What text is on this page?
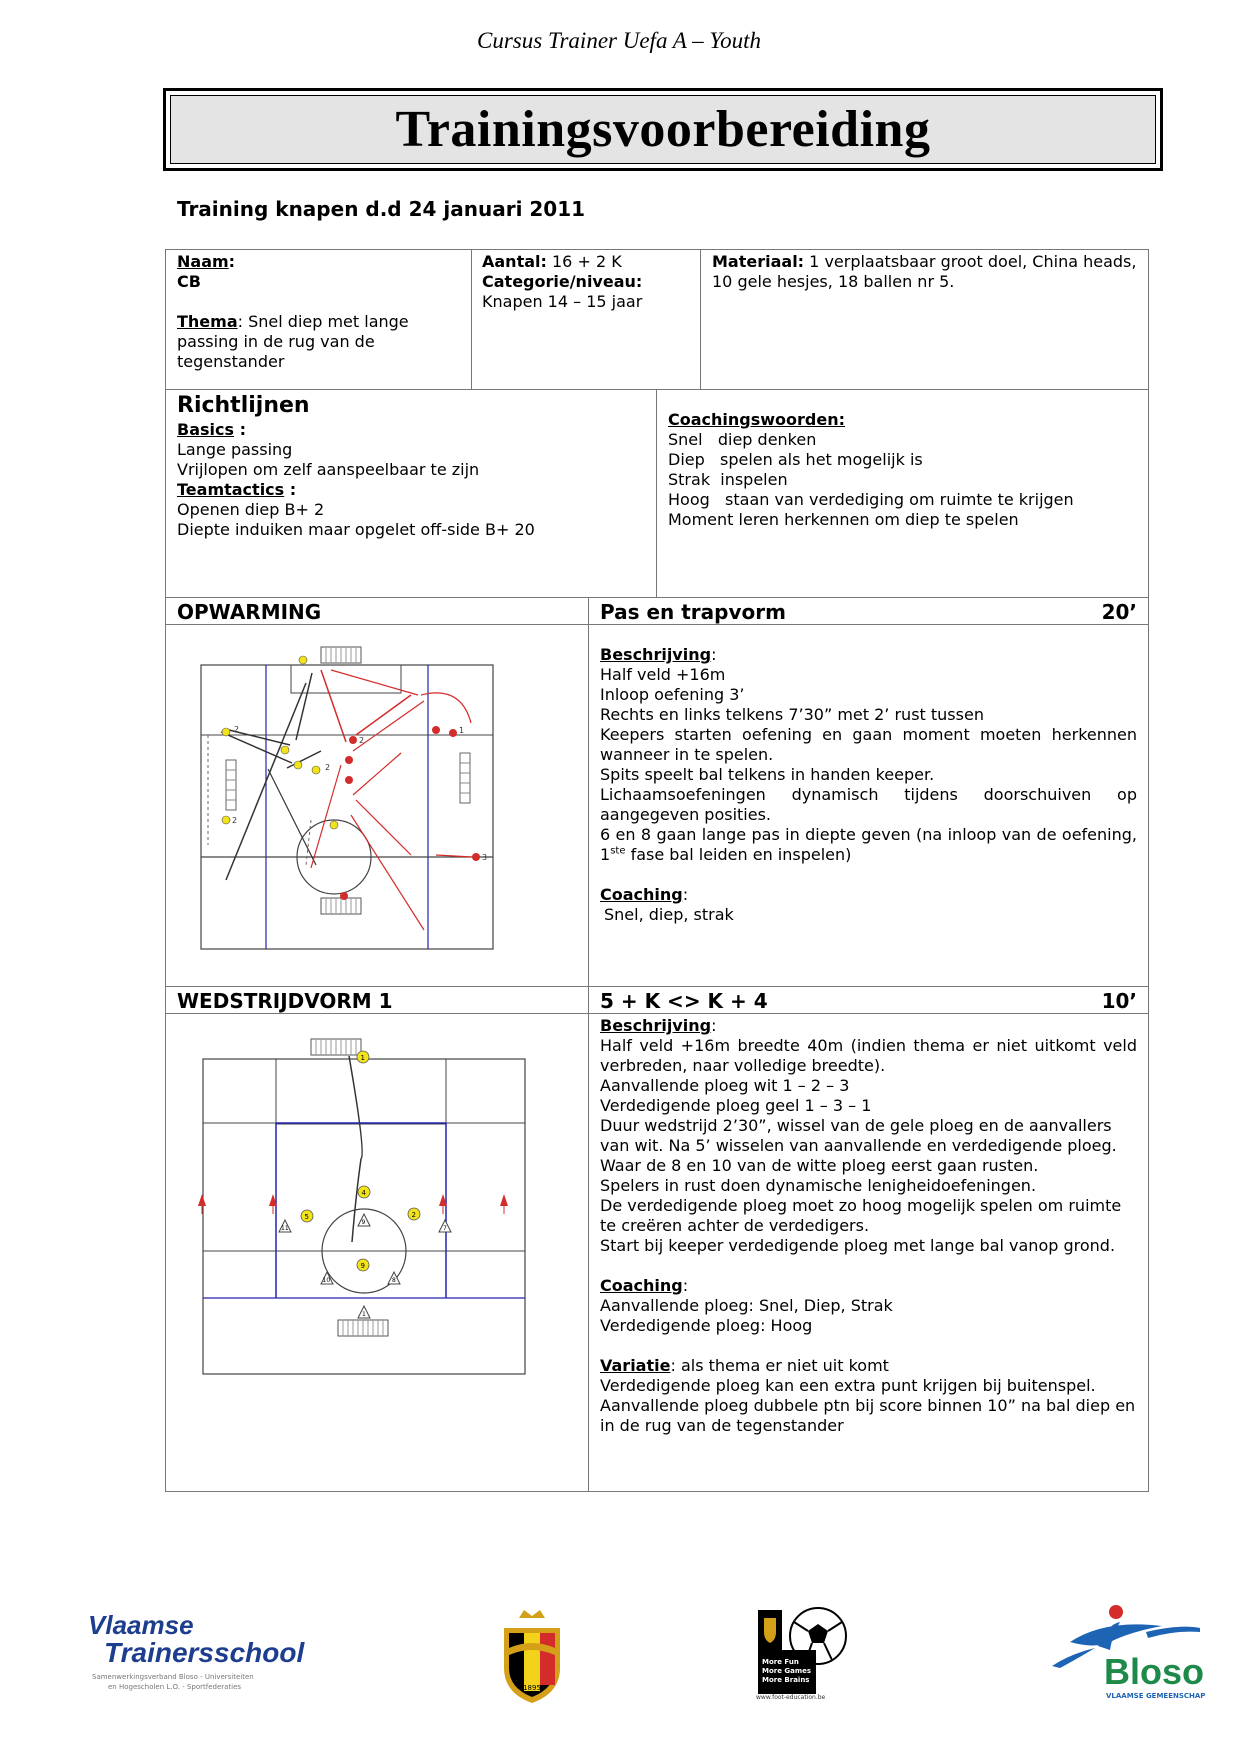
Cursus Trainer Uefa A – Youth
Trainingsvoorbereiding
Training knapen d.d 24 januari 2011
Naam:
CB
Thema: Snel diep met lange passing in de rug van de tegenstander
Aantal: 16 + 2 K
Categorie/niveau:
Knapen 14 – 15 jaar
Materiaal: 1 verplaatsbaar groot doel, China heads, 10 gele hesjes, 18 ballen nr 5.
Richtlijnen
Basics :
Lange passing
Vrijlopen om zelf aanspeelbaar te zijn
Teamtactics :
Openen diep B+ 2
Diepte induiken maar opgelet off-side B+ 20
Coachingswoorden:
Snel   diep denken
Diep   spelen als het mogelijk is
Strak  inspelen
Hoog   staan van verdediging om ruimte te krijgen
Moment leren herkennen om diep te spelen
OPWARMING	Pas en trapvorm	20’
2
2
2
2
3
1
Beschrijving:
Half veld +16m
Inloop oefening 3’
Rechts en links telkens 7’30” met 2’ rust tussen
Keepers starten oefening en gaan moment moeten herkennen wanneer in te spelen.
Spits speelt bal telkens in handen keeper.
Lichaamsoefeningen dynamisch tijdens doorschuiven op aangegeven posities.
6 en 8 gaan lange pas in diepte geven (na inloop van de oefening, 1ste fase bal leiden en inspelen)
Coaching:
Snel, diep, strak
WEDSTRIJDVORM 1	5 + K <> K + 4	10’
1
4
5	2
9
9
11	7
10	8
1
Beschrijving:
Half veld +16m breedte 40m (indien thema er niet uitkomt veld verbreden, naar volledige breedte).
Aanvallende ploeg wit 1 – 2 – 3
Verdedigende ploeg geel 1 – 3 – 1
Duur wedstrijd 2’30”, wissel van de gele ploeg en de aanvallers van wit. Na 5’ wisselen van aanvallende en verdedigende ploeg. Waar de 8 en 10 van de witte ploeg eerst gaan rusten.
Spelers in rust doen dynamische lenigheidoefeningen.
De verdedigende ploeg moet zo hoog mogelijk spelen om ruimte te creëren achter de verdedigers.
Start bij keeper verdedigende ploeg met lange bal vanop grond.
Coaching:
Aanvallende ploeg: Snel, Diep, Strak
Verdedigende ploeg: Hoog
Variatie: als thema er niet uit komt
Verdedigende ploeg kan een extra punt krijgen bij buitenspel.
Aanvallende ploeg dubbele ptn bij score binnen 10” na bal diep en in de rug van de tegenstander
Vlaamse
Trainersschool
Samenwerkingsverband Bloso - Universiteiten
en Hogescholen L.O. - Sportfederaties	1895
More Fun
More Games
More Brains
www.foot-education.be
Bloso
VLAAMSE GEMEENSCHAP
